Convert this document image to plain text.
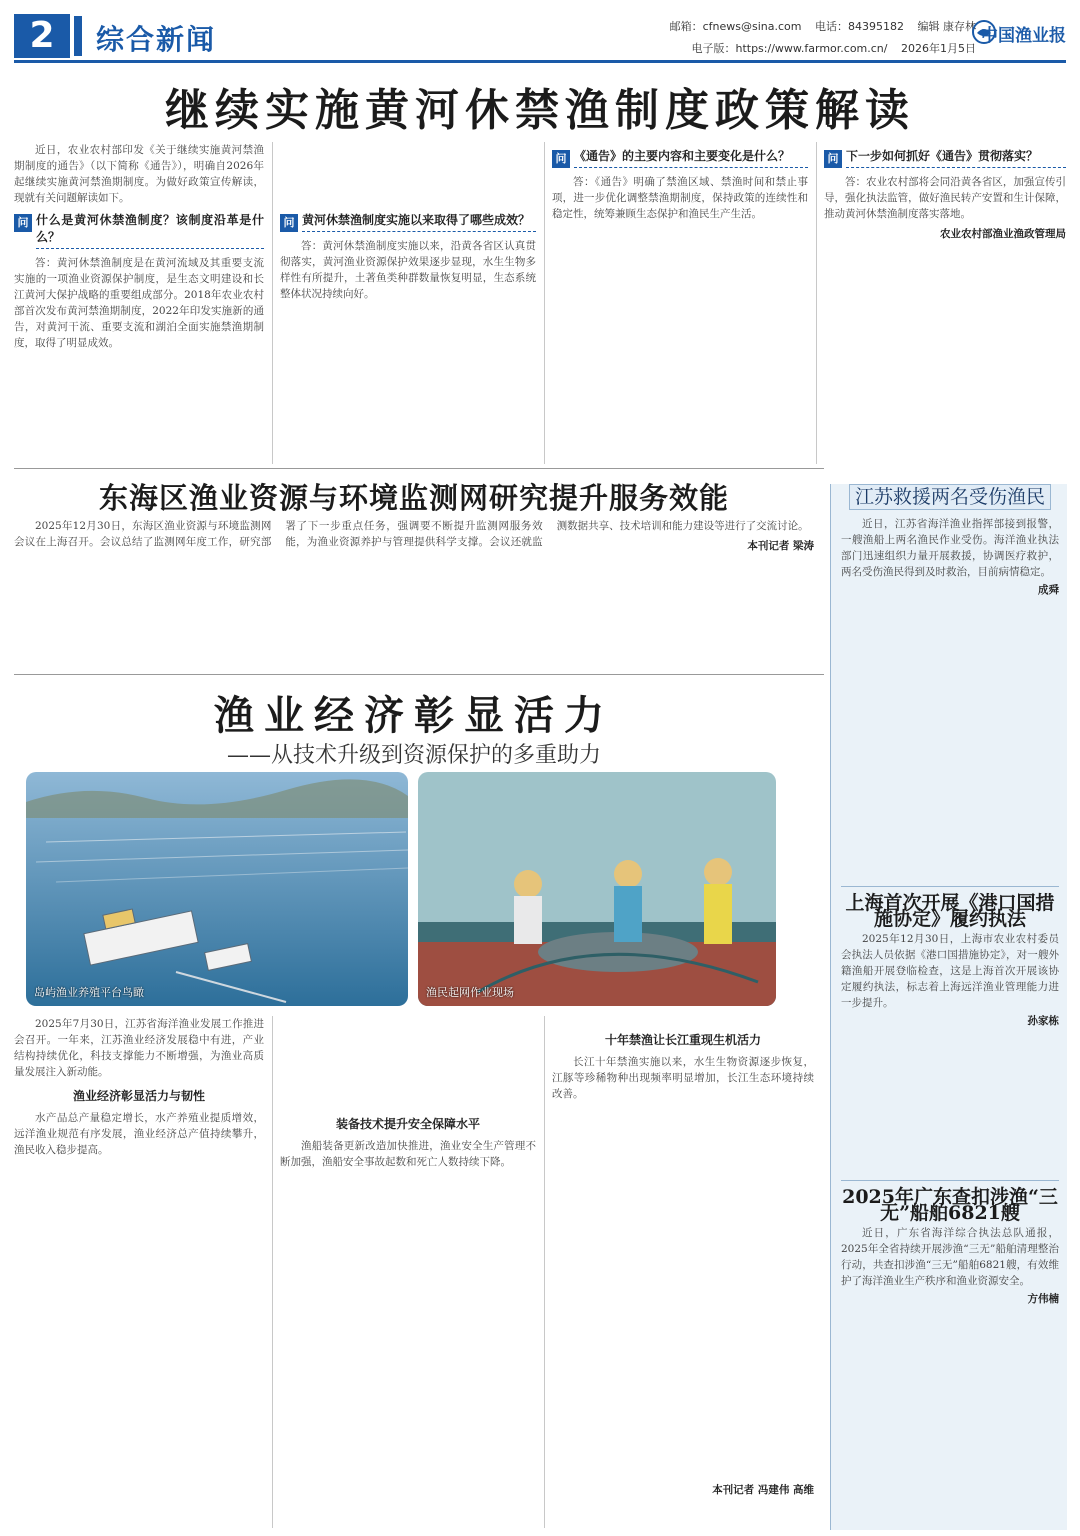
2	综合新闻	邮箱：cfnews@sina.com 电话：84395182 编辑 康存林
电子版：https://www.farmor.com.cn/ 2026年1月5日
中国渔业报
继续实施黄河休禁渔制度政策解读

近日，农业农村部印发《关于继续实施黄河禁渔期制度的通告》（以下简称《通告》），明确自2026年起继续实施黄河禁渔期制度。为做好政策宣传解读，现就有关问题解读如下。

问 什么是黄河休禁渔制度？该制度沿革是什么？

答：黄河休禁渔制度是在黄河流域及其重要支流实施的一项渔业资源保护制度，是生态文明建设和长江黄河大保护战略的重要组成部分。2018年农业农村部首次发布黄河禁渔期制度，2022年印发实施新的通告，对黄河干流、重要支流和湖泊全面实施禁渔期制度，取得了明显成效。

问 黄河休禁渔制度实施以来取得了哪些成效？

答：黄河休禁渔制度实施以来，沿黄各省区认真贯彻落实，黄河渔业资源保护效果逐步显现，水生生物多样性有所提升，土著鱼类种群数量恢复明显，生态系统整体状况持续向好。

问 《通告》的主要内容和主要变化是什么？

答：《通告》明确了禁渔区域、禁渔时间和禁止事项，进一步优化调整禁渔期制度，保持政策的连续性和稳定性，统筹兼顾生态保护和渔民生产生活。

问 下一步如何抓好《通告》贯彻落实？

答：农业农村部将会同沿黄各省区，加强宣传引导，强化执法监管，做好渔民转产安置和生计保障，推动黄河休禁渔制度落实落地。

农业农村部渔业渔政管理局
东海区渔业资源与环境监测网研究提升服务效能

2025年12月30日，东海区渔业资源与环境监测网会议在上海召开。会议总结了监测网年度工作，研究部署了下一步重点任务，强调要不断提升监测网服务效能，为渔业资源养护与管理提供科学支撑。会议还就监测数据共享、技术培训和能力建设等进行了交流讨论。

本刊记者 梁涛
渔业经济彰显活力
——从技术升级到资源保护的多重助力
岛屿渔业养殖平台鸟瞰	渔民起网作业现场

2025年7月30日，江苏省海洋渔业发展工作推进会召开。一年来，江苏渔业经济发展稳中有进，产业结构持续优化，科技支撑能力不断增强，为渔业高质量发展注入新动能。

渔业经济彰显活力与韧性

水产品总产量稳定增长，水产养殖业提质增效，远洋渔业规范有序发展，渔业经济总产值持续攀升，渔民收入稳步提高。

装备技术提升安全保障水平

渔船装备更新改造加快推进，渔业安全生产管理不断加强，渔船安全事故起数和死亡人数持续下降。

十年禁渔让长江重现生机活力

长江十年禁渔实施以来，水生生物资源逐步恢复，江豚等珍稀物种出现频率明显增加，长江生态环境持续改善。

本刊记者 冯建伟 高维
江苏救援两名受伤渔民

近日，江苏省海洋渔业指挥部接到报警，一艘渔船上两名渔民作业受伤。海洋渔业执法部门迅速组织力量开展救援，协调医疗救护，两名受伤渔民得到及时救治，目前病情稳定。

成舜
上海首次开展《港口国措施协定》履约执法

2025年12月30日，上海市农业农村委员会执法人员依据《港口国措施协定》，对一艘外籍渔船开展登临检查，这是上海首次开展该协定履约执法，标志着上海远洋渔业管理能力进一步提升。

孙家栋
2025年广东查扣涉渔“三无”船舶6821艘

近日，广东省海洋综合执法总队通报，2025年全省持续开展涉渔“三无”船舶清理整治行动，共查扣涉渔“三无”船舶6821艘，有效维护了海洋渔业生产秩序和渔业资源安全。

方伟楠
